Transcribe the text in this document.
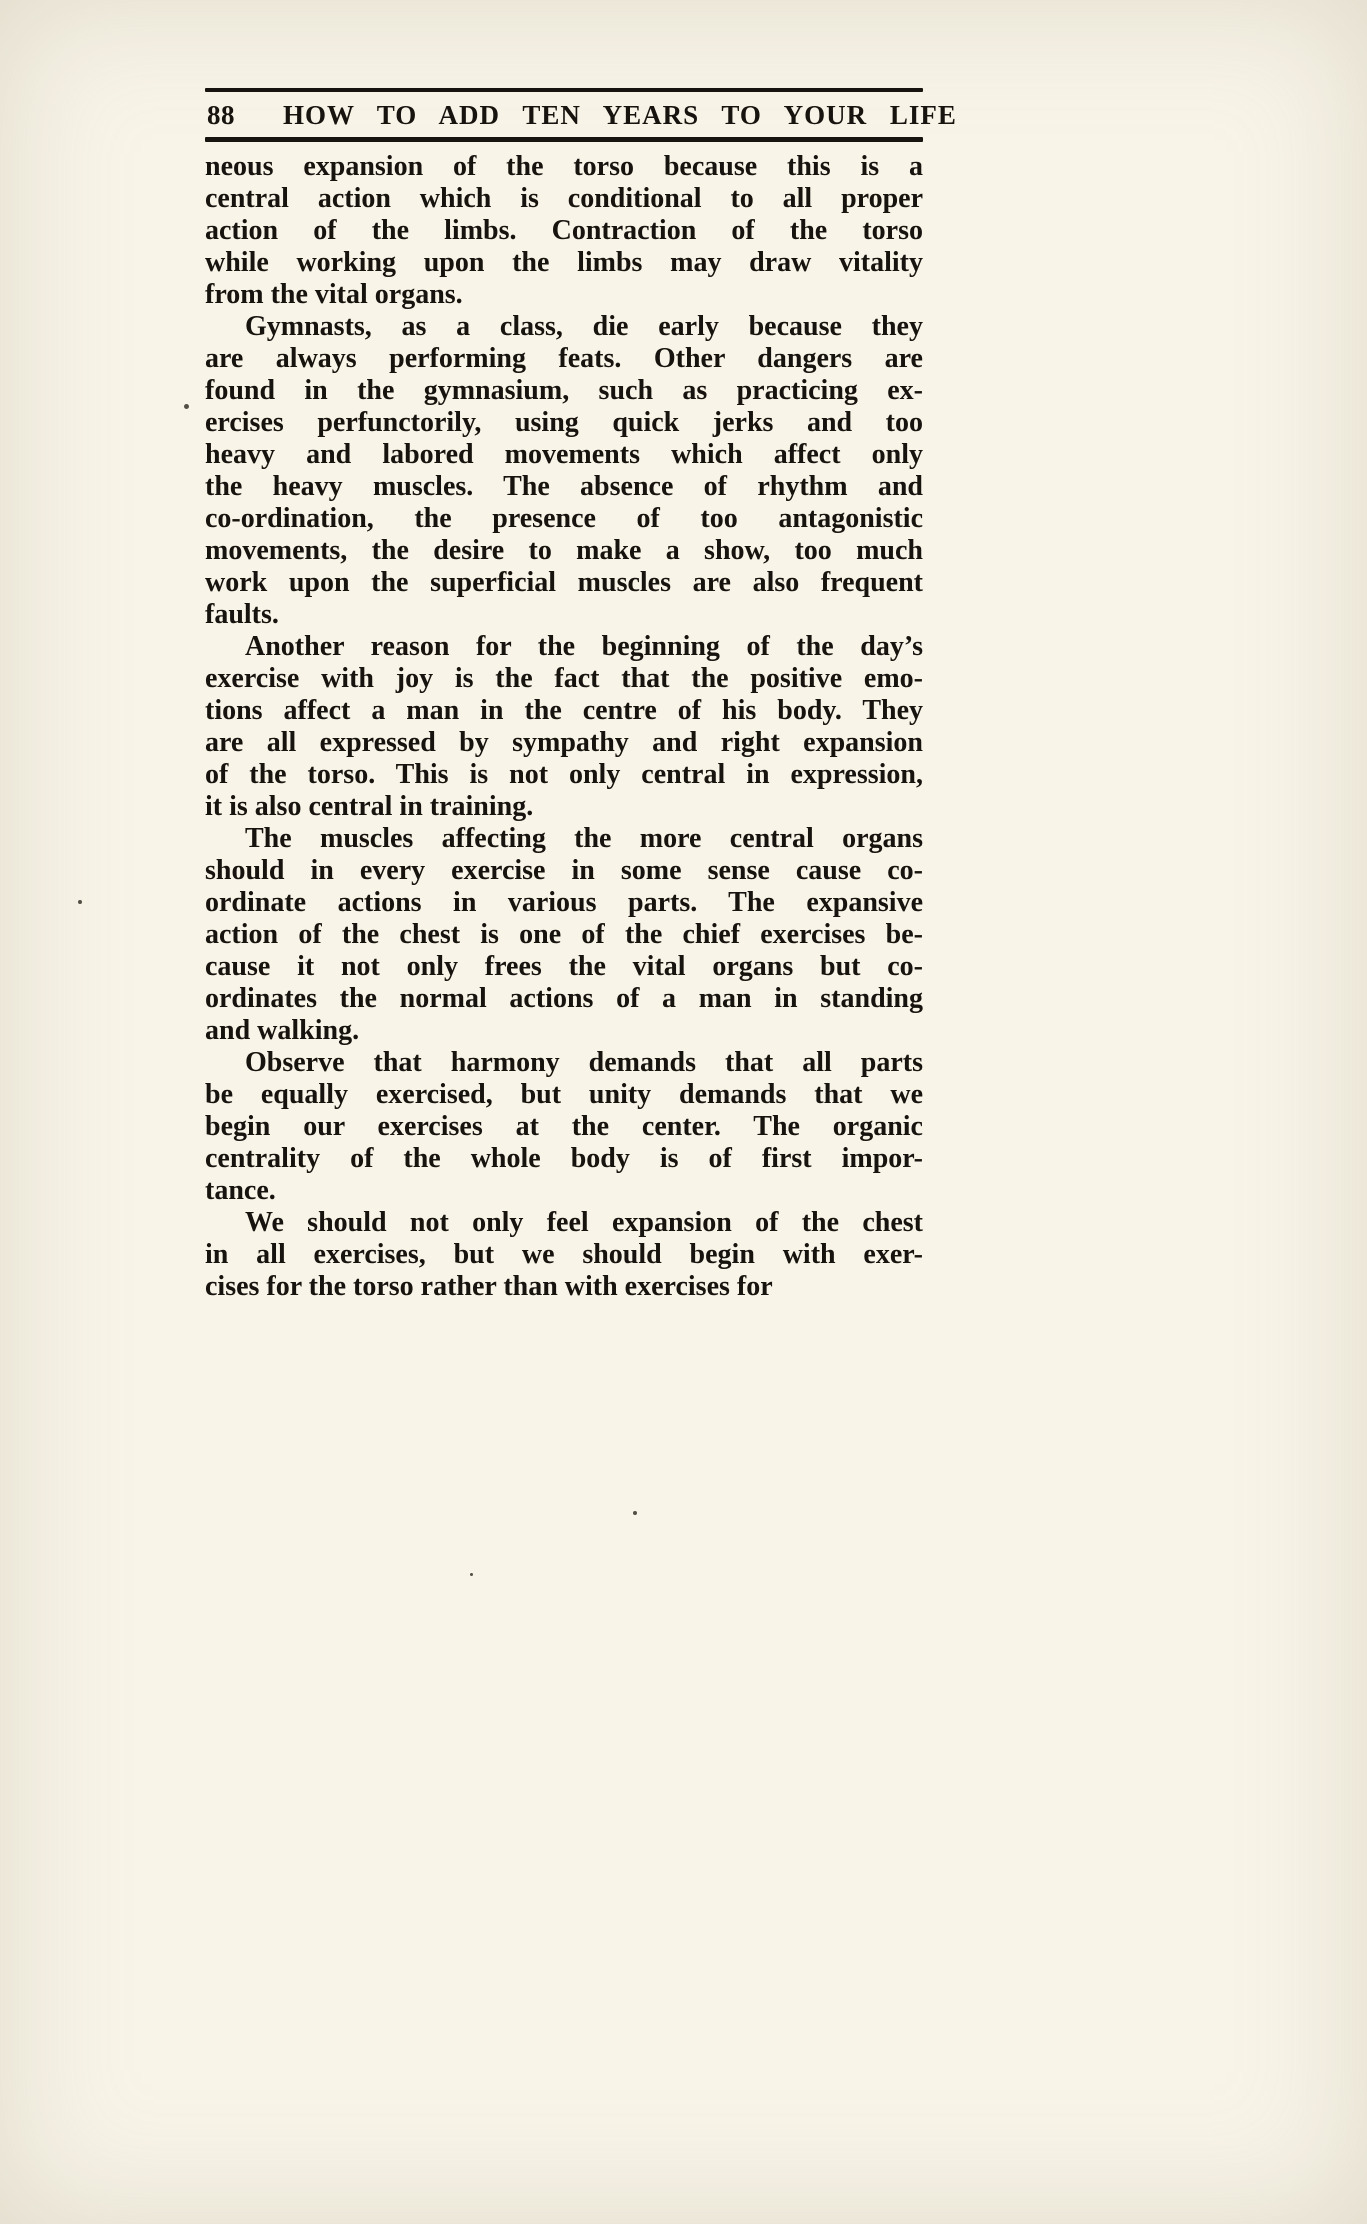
88 HOW TO ADD TEN YEARS TO YOUR LIFE
neous expansion of the torso because this is a
central action which is conditional to all proper
action of the limbs. Contraction of the torso
while working upon the limbs may draw vitality
from the vital organs.
Gymnasts, as a class, die early because they
are always performing feats. Other dangers are
found in the gymnasium, such as practicing ex-
ercises perfunctorily, using quick jerks and too
heavy and labored movements which affect only
the heavy muscles. The absence of rhythm and
co-ordination, the presence of too antagonistic
movements, the desire to make a show, too much
work upon the superficial muscles are also frequent
faults.
Another reason for the beginning of the day’s
exercise with joy is the fact that the positive emo-
tions affect a man in the centre of his body. They
are all expressed by sympathy and right expansion
of the torso. This is not only central in expression,
it is also central in training.
The muscles affecting the more central organs
should in every exercise in some sense cause co-
ordinate actions in various parts. The expansive
action of the chest is one of the chief exercises be-
cause it not only frees the vital organs but co-
ordinates the normal actions of a man in standing
and walking.
Observe that harmony demands that all parts
be equally exercised, but unity demands that we
begin our exercises at the center. The organic
centrality of the whole body is of first impor-
tance.
We should not only feel expansion of the chest
in all exercises, but we should begin with exer-
cises for the torso rather than with exercises for
